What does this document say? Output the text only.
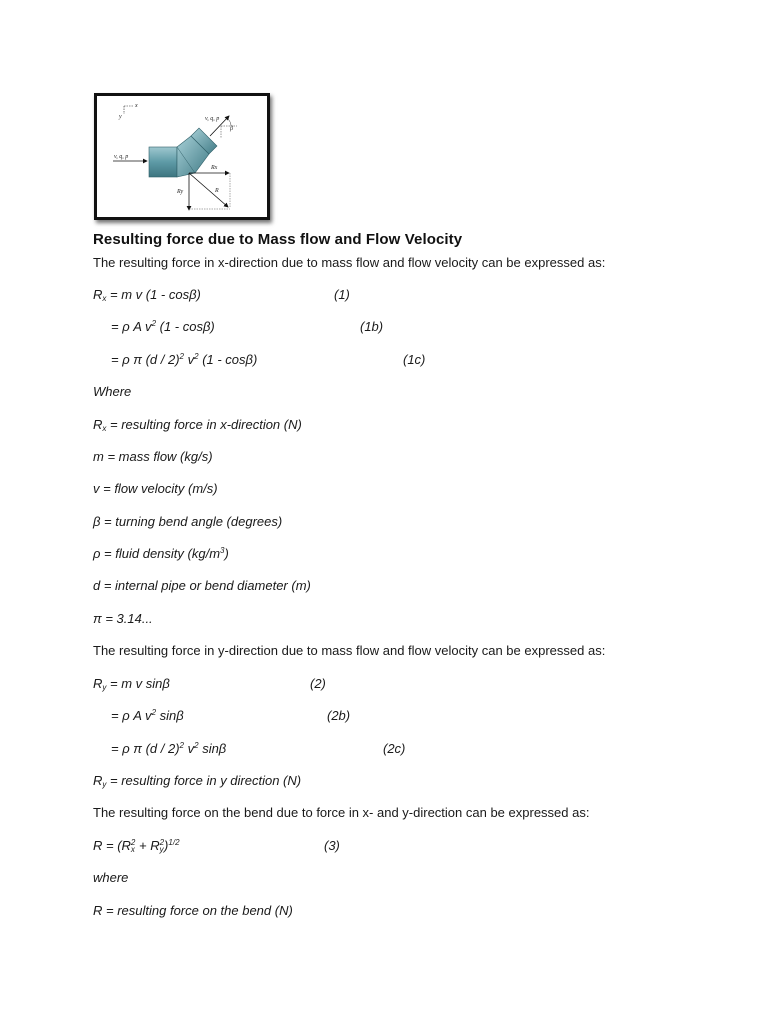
x
y
v, q, p
v, q, p
β
Rx
Ry	R
Resulting force due to Mass flow and Flow Velocity
The resulting force in x-direction due to mass flow and flow velocity can be expressed as:
$R_x = m$ v (1 - cosβ)	(1)
= ρ A $v^2$ (1 - cosβ)	(1b)
= ρ π (d / 2)$^2$ $v^2$ (1 - cosβ)	(1c)
Where
$R_x$ = resulting force in x-direction (N)
m = mass flow (kg/s)
v = flow velocity (m/s)
β = turning bend angle (degrees)
ρ = fluid density $(kg/m^3)$
d = internal pipe or bend diameter (m)
π = 3.14...
The resulting force in y-direction due to mass flow and flow velocity can be expressed as:
$R_y = m$ v sinβ	(2)
= ρ A $v^2$ sinβ	(2b)
= ρ π (d / 2)$^2$ $v^2$ sinβ	(2c)
$R_y$ = resulting force in y direction (N)
The resulting force on the bend due to force in x- and y-direction can be expressed as:
$R = (R_x^2 + R_y^2)^{1/2}$	(3)
where
R = resulting force on the bend (N)
